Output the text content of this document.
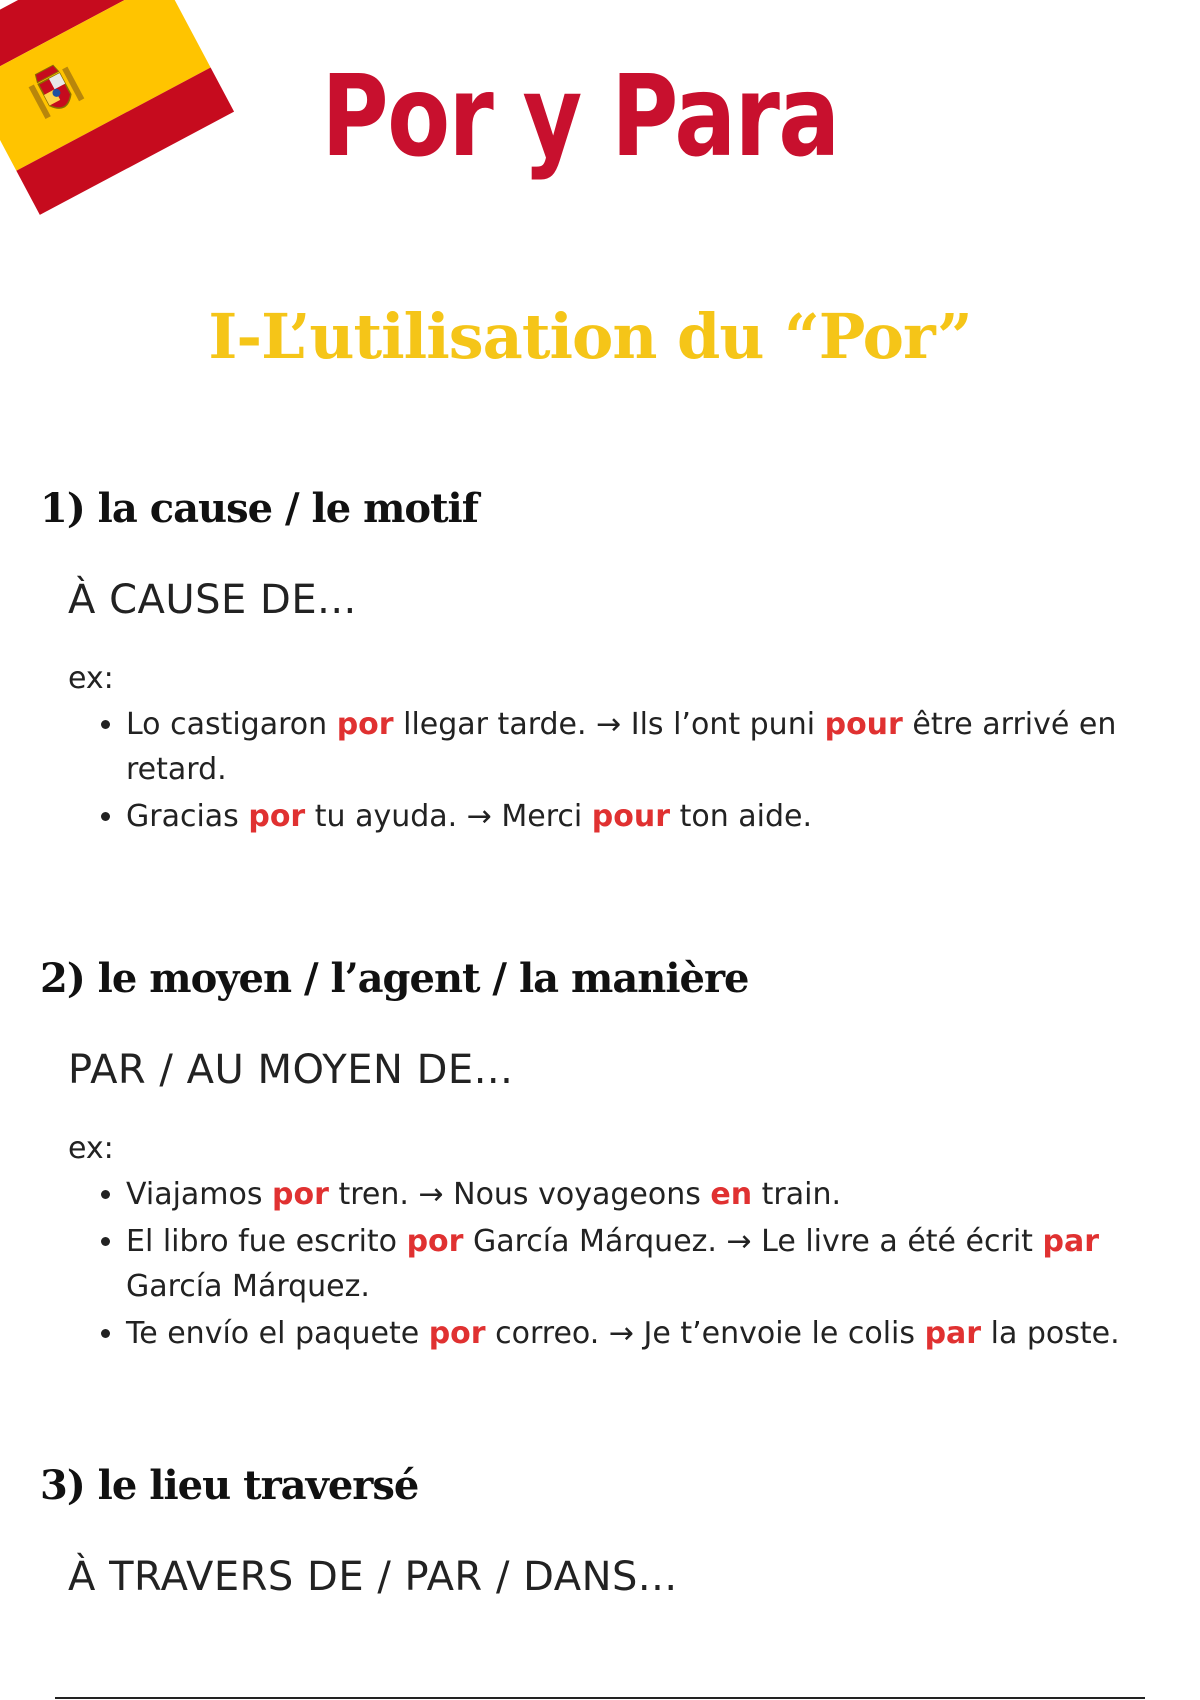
Por y Para
I-L’utilisation du “Por”
1) la cause / le motif
À CAUSE DE...
ex:
• Lo castigaron por llegar tarde. → Ils l’ont puni pour être arrivé en retard.
• Gracias por tu ayuda. → Merci pour ton aide.
2) le moyen / l’agent / la manière
PAR / AU MOYEN DE...
ex:
• Viajamos por tren. → Nous voyageons en train.
• El libro fue escrito por García Márquez. → Le livre a été écrit par García Márquez.
• Te envío el paquete por correo. → Je t’envoie le colis par la poste.
3) le lieu traversé
À TRAVERS DE / PAR / DANS...
